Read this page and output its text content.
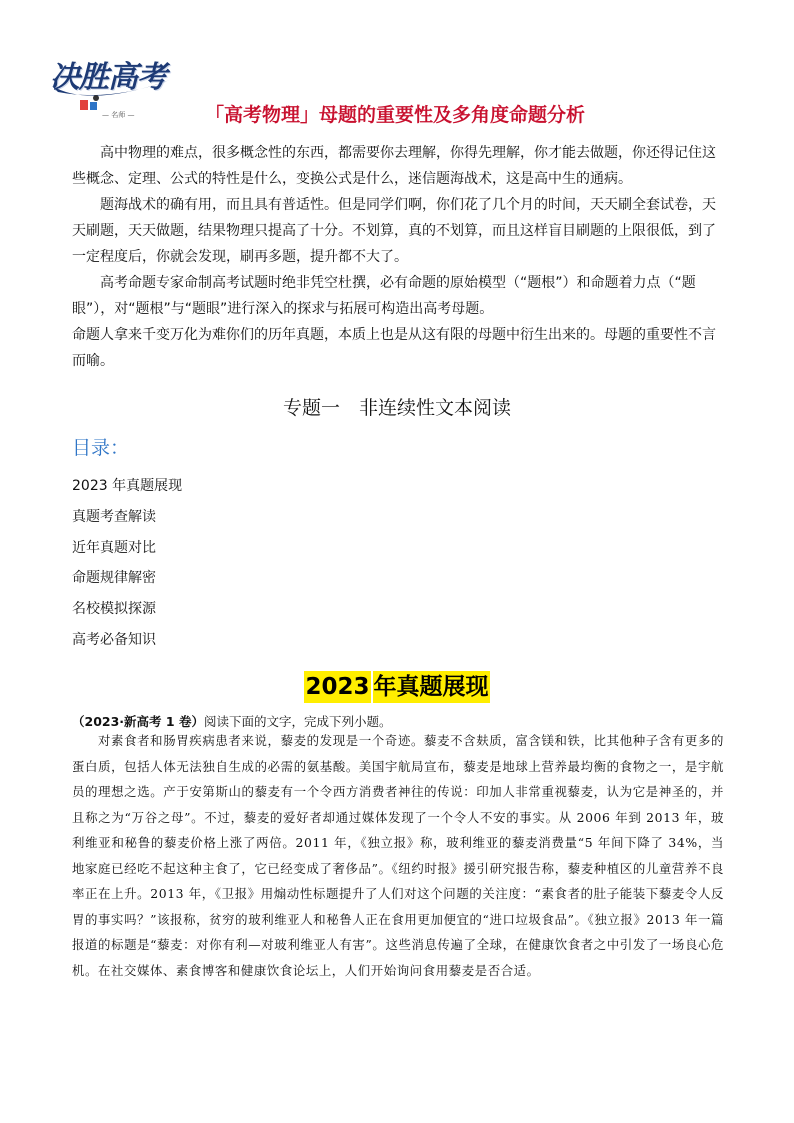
决胜高考
— 名师 —	「高考物理」母题的重要性及多角度命题分析

高中物理的难点，很多概念性的东西，都需要你去理解，你得先理解，你才能去做题，你还得记住这些概念、定理、公式的特性是什么，变换公式是什么，迷信题海战术，这是高中生的通病。

题海战术的确有用，而且具有普适性。但是同学们啊，你们花了几个月的时间，天天刷全套试卷，天天刷题，天天做题，结果物理只提高了十分。不划算，真的不划算，而且这样盲目刷题的上限很低，到了一定程度后，你就会发现，刷再多题，提升都不大了。

高考命题专家命制高考试题时绝非凭空杜撰，必有命题的原始模型（“题根”）和命题着力点（“题眼”），对“题根”与“题眼”进行深入的探求与拓展可构造出高考母题。

命题人拿来千变万化为难你们的历年真题，本质上也是从这有限的母题中衍生出来的。母题的重要性不言而喻。

专题一　非连续性文本阅读
目录：
2023 年真题展现
真题考查解读
近年真题对比
命题规律解密
名校模拟探源
高考必备知识
2023 年真题展现

（2023·新高考 1 卷）阅读下面的文字，完成下列小题。

对素食者和肠胃疾病患者来说，藜麦的发现是一个奇迹。藜麦不含麸质，富含镁和铁，比其他种子含有更多的蛋白质，包括人体无法独自生成的必需的氨基酸。美国宇航局宣布，藜麦是地球上营养最均衡的食物之一，是宇航员的理想之选。产于安第斯山的藜麦有一个令西方消费者神往的传说：印加人非常重视藜麦，认为它是神圣的，并且称之为“万谷之母”。不过，藜麦的爱好者却通过媒体发现了一个令人不安的事实。从 2006 年到 2013 年，玻利维亚和秘鲁的藜麦价格上涨了两倍。2011 年，《独立报》称，玻利维亚的藜麦消费量“5 年间下降了 34%，当地家庭已经吃不起这种主食了，它已经变成了奢侈品”。《纽约时报》援引研究报告称，藜麦种植区的儿童营养不良率正在上升。2013 年，《卫报》用煽动性标题提升了人们对这个问题的关注度：“素食者的肚子能装下藜麦令人反胃的事实吗？”该报称，贫穷的玻利维亚人和秘鲁人正在食用更加便宜的“进口垃圾食品”。《独立报》2013 年一篇报道的标题是“藜麦：对你有利—对玻利维亚人有害”。这些消息传遍了全球，在健康饮食者之中引发了一场良心危机。在社交媒体、素食博客和健康饮食论坛上，人们开始询问食用藜麦是否合适。
